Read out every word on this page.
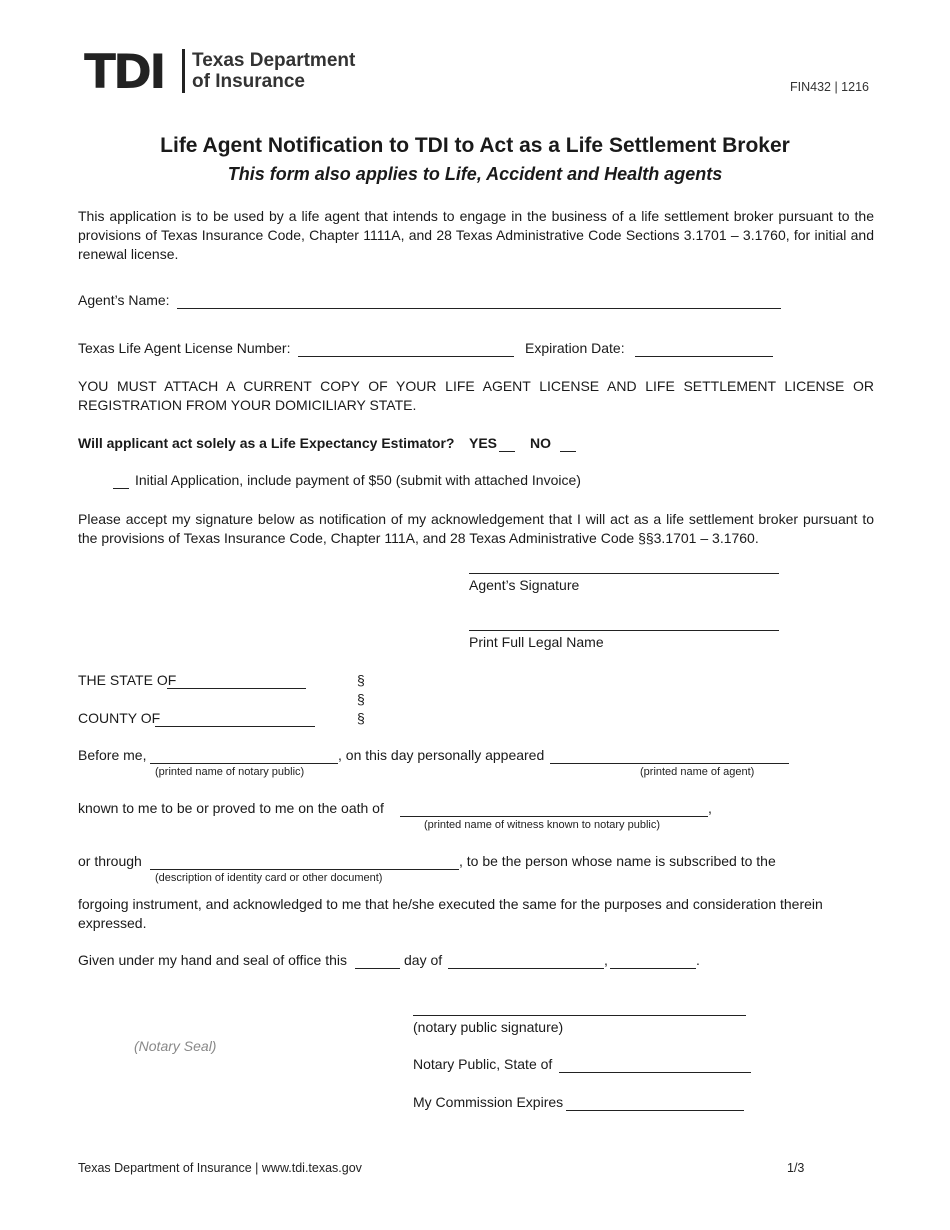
TDI Texas Department
of Insurance	FIN432 | 1216
Life Agent Notification to TDI to Act as a Life Settlement Broker
This form also applies to Life, Accident and Health agents
This application is to be used by a life agent that intends to engage in the business of a life settlement broker pursuant to the provisions of Texas Insurance Code, Chapter 1111A, and 28 Texas Administrative Code Sections 3.1701 – 3.1760, for initial and renewal license.
Agent’s Name:
Texas Life Agent License Number:	Expiration Date:
YOU MUST ATTACH A CURRENT COPY OF YOUR LIFE AGENT LICENSE AND LIFE SETTLEMENT LICENSE OR REGISTRATION FROM YOUR DOMICILIARY STATE.
Will applicant act solely as a Life Expectancy Estimator? YES NO
Initial Application, include payment of $50 (submit with attached Invoice)
Please accept my signature below as notification of my acknowledgement that I will act as a life settlement broker pursuant to the provisions of Texas Insurance Code, Chapter 111A, and 28 Texas Administrative Code §§3.1701 – 3.1760.
Agent’s Signature
Print Full Legal Name
THE STATE OF	§
§
COUNTY OF	§
Before me,	, on this day personally appeared
(printed name of notary public)	(printed name of agent)
known to me to be or proved to me on the oath of	,
(printed name of witness known to notary public)
or through	, to be the person whose name is subscribed to the
(description of identity card or other document)
forgoing instrument, and acknowledged to me that he/she executed the same for the purposes and consideration therein expressed.
Given under my hand and seal of office this	day of	,	.
(notary public signature)
(Notary Seal)
Notary Public, State of
My Commission Expires
Texas Department of Insurance | www.tdi.texas.gov	1/3
